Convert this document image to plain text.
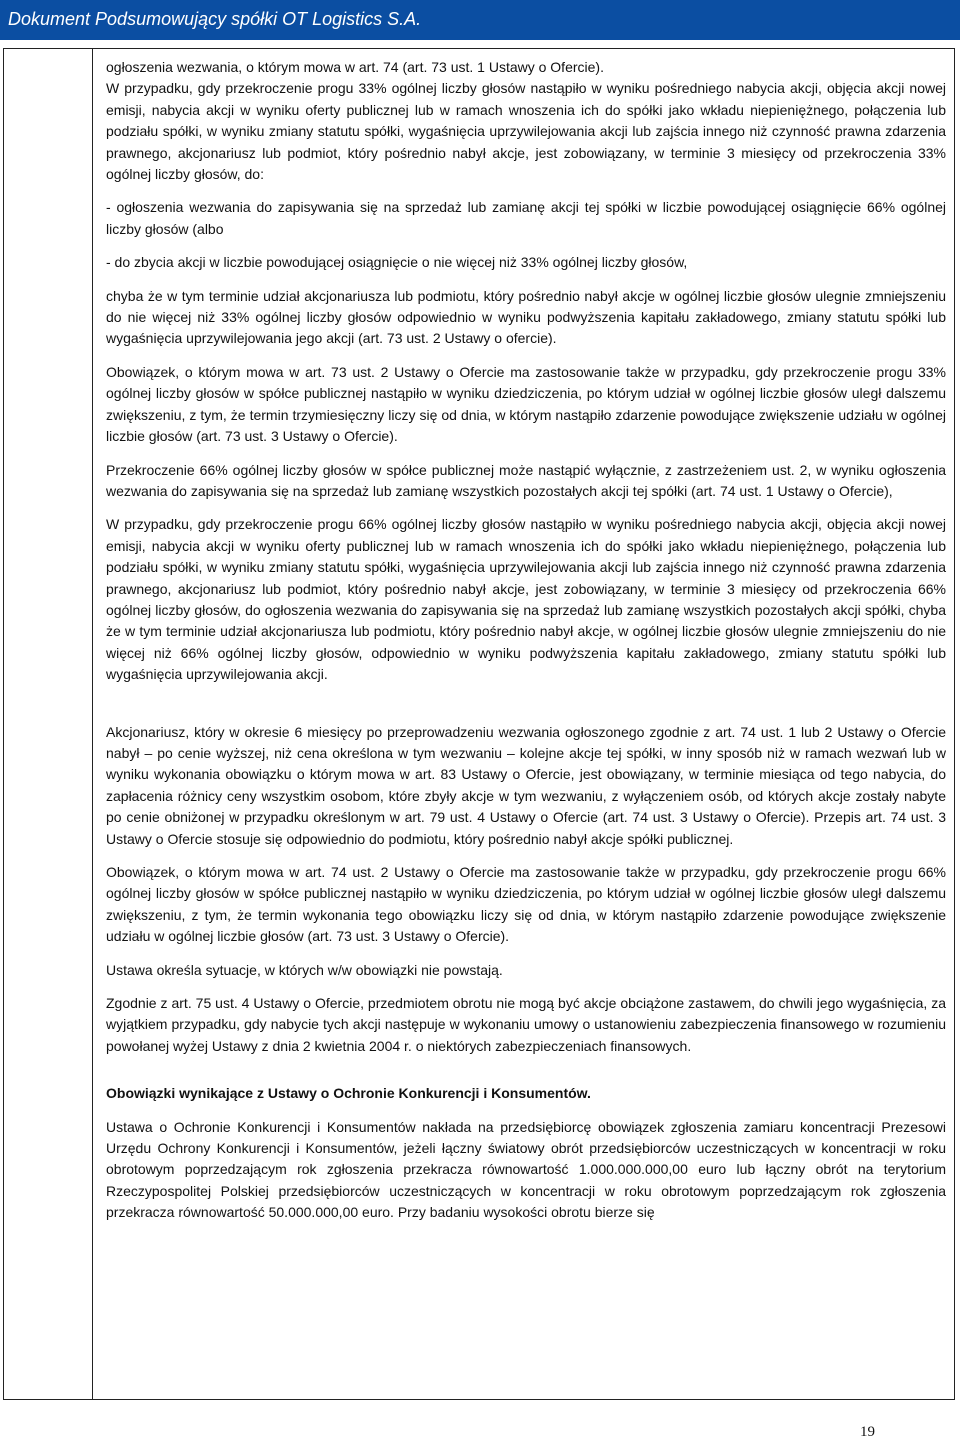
Dokument Podsumowujący spółki OT Logistics S.A.

ogłoszenia wezwania, o którym mowa w art. 74 (art. 73 ust. 1 Ustawy o Ofercie).

W przypadku, gdy przekroczenie progu 33% ogólnej liczby głosów nastąpiło w wyniku pośredniego nabycia akcji, objęcia akcji nowej emisji, nabycia akcji w wyniku oferty publicznej lub w ramach wnoszenia ich do spółki jako wkładu niepieniężnego, połączenia lub podziału spółki, w wyniku zmiany statutu spółki, wygaśnięcia uprzywilejowania akcji lub zajścia innego niż czynność prawna zdarzenia prawnego, akcjonariusz lub podmiot, który pośrednio nabył akcje, jest zobowiązany, w terminie 3 miesięcy od przekroczenia 33% ogólnej liczby głosów, do:

- ogłoszenia wezwania do zapisywania się na sprzedaż lub zamianę akcji tej spółki w liczbie powodującej osiągnięcie 66% ogólnej liczby głosów (albo

- do zbycia akcji w liczbie powodującej osiągnięcie o nie więcej niż 33% ogólnej liczby głosów,

chyba że w tym terminie udział akcjonariusza lub podmiotu, który pośrednio nabył akcje w ogólnej liczbie głosów ulegnie zmniejszeniu do nie więcej niż 33% ogólnej liczby głosów odpowiednio w wyniku podwyższenia kapitału zakładowego, zmiany statutu spółki lub wygaśnięcia uprzywilejowania jego akcji (art. 73 ust. 2 Ustawy o ofercie).

Obowiązek, o którym mowa w art. 73 ust. 2 Ustawy o Ofercie ma zastosowanie także w przypadku, gdy przekroczenie progu 33% ogólnej liczby głosów w spółce publicznej nastąpiło w wyniku dziedziczenia, po którym udział w ogólnej liczbie głosów uległ dalszemu zwiększeniu, z tym, że termin trzymiesięczny liczy się od dnia, w którym nastąpiło zdarzenie powodujące zwiększenie udziału w ogólnej liczbie głosów (art. 73 ust. 3 Ustawy o Ofercie).

Przekroczenie 66% ogólnej liczby głosów w spółce publicznej może nastąpić wyłącznie, z zastrzeżeniem ust. 2, w wyniku ogłoszenia wezwania do zapisywania się na sprzedaż lub zamianę wszystkich pozostałych akcji tej spółki (art. 74 ust. 1 Ustawy o Ofercie),

W przypadku, gdy przekroczenie progu 66% ogólnej liczby głosów nastąpiło w wyniku pośredniego nabycia akcji, objęcia akcji nowej emisji, nabycia akcji w wyniku oferty publicznej lub w ramach wnoszenia ich do spółki jako wkładu niepieniężnego, połączenia lub podziału spółki, w wyniku zmiany statutu spółki, wygaśnięcia uprzywilejowania akcji lub zajścia innego niż czynność prawna zdarzenia prawnego, akcjonariusz lub podmiot, który pośrednio nabył akcje, jest zobowiązany, w terminie 3 miesięcy od przekroczenia 66% ogólnej liczby głosów, do ogłoszenia wezwania do zapisywania się na sprzedaż lub zamianę wszystkich pozostałych akcji spółki, chyba że w tym terminie udział akcjonariusza lub podmiotu, który pośrednio nabył akcje, w ogólnej liczbie głosów ulegnie zmniejszeniu do nie więcej niż 66% ogólnej liczby głosów, odpowiednio w wyniku podwyższenia kapitału zakładowego, zmiany statutu spółki lub wygaśnięcia uprzywilejowania akcji.

Akcjonariusz, który w okresie 6 miesięcy po przeprowadzeniu wezwania ogłoszonego zgodnie z art. 74 ust. 1 lub 2 Ustawy o Ofercie nabył – po cenie wyższej, niż cena określona w tym wezwaniu – kolejne akcje tej spółki, w inny sposób niż w ramach wezwań lub w wyniku wykonania obowiązku o którym mowa w art. 83 Ustawy o Ofercie, jest obowiązany, w terminie miesiąca od tego nabycia, do zapłacenia różnicy ceny wszystkim osobom, które zbyły akcje w tym wezwaniu, z wyłączeniem osób, od których akcje zostały nabyte po cenie obniżonej w przypadku określonym w art. 79 ust. 4 Ustawy o Ofercie (art. 74 ust. 3 Ustawy o Ofercie). Przepis art. 74 ust. 3 Ustawy o Ofercie stosuje się odpowiednio do podmiotu, który pośrednio nabył akcje spółki publicznej.

Obowiązek, o którym mowa w art. 74 ust. 2 Ustawy o Ofercie ma zastosowanie także w przypadku, gdy przekroczenie progu 66% ogólnej liczby głosów w spółce publicznej nastąpiło w wyniku dziedziczenia, po którym udział w ogólnej liczbie głosów uległ dalszemu zwiększeniu, z tym, że termin wykonania tego obowiązku liczy się od dnia, w którym nastąpiło zdarzenie powodujące zwiększenie udziału w ogólnej liczbie głosów (art. 73 ust. 3 Ustawy o Ofercie).

Ustawa określa sytuacje, w których w/w obowiązki nie powstają.

Zgodnie z art. 75 ust. 4 Ustawy o Ofercie, przedmiotem obrotu nie mogą być akcje obciążone zastawem, do chwili jego wygaśnięcia, za wyjątkiem przypadku, gdy nabycie tych akcji następuje w wykonaniu umowy o ustanowieniu zabezpieczenia finansowego w rozumieniu powołanej wyżej Ustawy z dnia 2 kwietnia 2004 r. o niektórych zabezpieczeniach finansowych.

Obowiązki wynikające z Ustawy o Ochronie Konkurencji i Konsumentów.

Ustawa o Ochronie Konkurencji i Konsumentów nakłada na przedsiębiorcę obowiązek zgłoszenia zamiaru koncentracji Prezesowi Urzędu Ochrony Konkurencji i Konsumentów, jeżeli łączny światowy obrót przedsiębiorców uczestniczących w koncentracji w roku obrotowym poprzedzającym rok zgłoszenia przekracza równowartość 1.000.000.000,00 euro lub łączny obrót na terytorium Rzeczypospolitej Polskiej przedsiębiorców uczestniczących w koncentracji w roku obrotowym poprzedzającym rok zgłoszenia przekracza równowartość 50.000.000,00 euro. Przy badaniu wysokości obrotu bierze się

19
